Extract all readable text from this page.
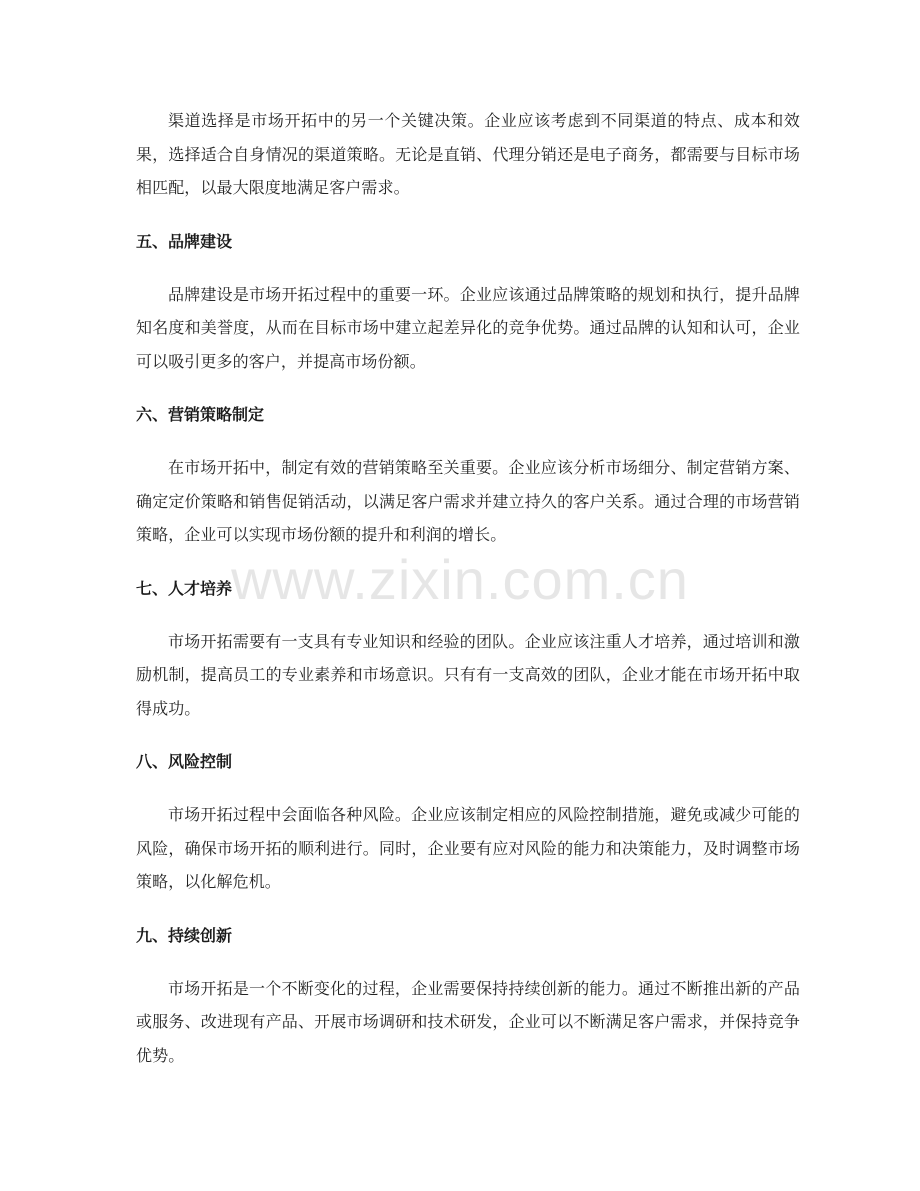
渠道选择是市场开拓中的另一个关键决策。企业应该考虑到不同渠道的特点、成本和效果，选择适合自身情况的渠道策略。无论是直销、代理分销还是电子商务，都需要与目标市场相匹配，以最大限度地满足客户需求。

五、品牌建设

品牌建设是市场开拓过程中的重要一环。企业应该通过品牌策略的规划和执行，提升品牌知名度和美誉度，从而在目标市场中建立起差异化的竞争优势。通过品牌的认知和认可，企业可以吸引更多的客户，并提高市场份额。

六、营销策略制定

在市场开拓中，制定有效的营销策略至关重要。企业应该分析市场细分、制定营销方案、确定定价策略和销售促销活动，以满足客户需求并建立持久的客户关系。通过合理的市场营销策略，企业可以实现市场份额的提升和利润的增长。

七、人才培养

市场开拓需要有一支具有专业知识和经验的团队。企业应该注重人才培养，通过培训和激励机制，提高员工的专业素养和市场意识。只有有一支高效的团队，企业才能在市场开拓中取得成功。

八、风险控制

市场开拓过程中会面临各种风险。企业应该制定相应的风险控制措施，避免或减少可能的风险，确保市场开拓的顺利进行。同时，企业要有应对风险的能力和决策能力，及时调整市场策略，以化解危机。

九、持续创新

市场开拓是一个不断变化的过程，企业需要保持持续创新的能力。通过不断推出新的产品或服务、改进现有产品、开展市场调研和技术研发，企业可以不断满足客户需求，并保持竞争优势。

www.zixin.com.cn
